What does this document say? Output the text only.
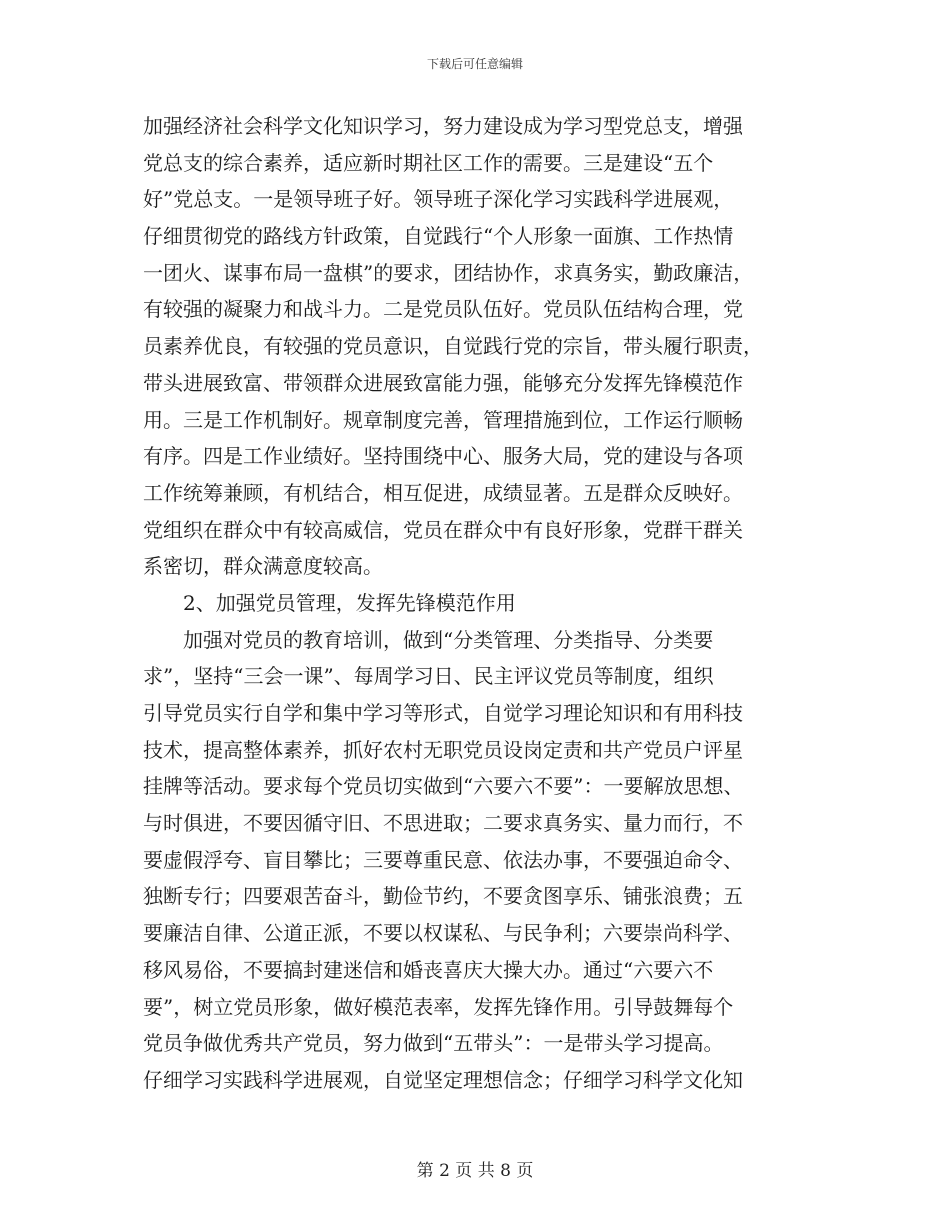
下载后可任意编辑
加强经济社会科学文化知识学习，努力建设成为学习型党总支，增强
党总支的综合素养，适应新时期社区工作的需要。三是建设“五个
好”党总支。一是领导班子好。领导班子深化学习实践科学进展观，
仔细贯彻党的路线方针政策，自觉践行“个人形象一面旗、工作热情
一团火、谋事布局一盘棋”的要求，团结协作，求真务实，勤政廉洁，
有较强的凝聚力和战斗力。二是党员队伍好。党员队伍结构合理，党
员素养优良，有较强的党员意识，自觉践行党的宗旨，带头履行职责，
带头进展致富、带领群众进展致富能力强，能够充分发挥先锋模范作
用。三是工作机制好。规章制度完善，管理措施到位，工作运行顺畅
有序。四是工作业绩好。坚持围绕中心、服务大局，党的建设与各项
工作统筹兼顾，有机结合，相互促进，成绩显著。五是群众反映好。
党组织在群众中有较高威信，党员在群众中有良好形象，党群干群关
系密切，群众满意度较高。
2、加强党员管理，发挥先锋模范作用
加强对党员的教育培训，做到“分类管理、分类指导、分类要
求”，坚持“三会一课”、每周学习日、民主评议党员等制度，组织
引导党员实行自学和集中学习等形式，自觉学习理论知识和有用科技
技术，提高整体素养，抓好农村无职党员设岗定责和共产党员户评星
挂牌等活动。要求每个党员切实做到“六要六不要”：一要解放思想、
与时俱进，不要因循守旧、不思进取；二要求真务实、量力而行，不
要虚假浮夸、盲目攀比；三要尊重民意、依法办事，不要强迫命令、
独断专行；四要艰苦奋斗，勤俭节约，不要贪图享乐、铺张浪费；五
要廉洁自律、公道正派，不要以权谋私、与民争利；六要崇尚科学、
移风易俗，不要搞封建迷信和婚丧喜庆大操大办。通过“六要六不
要”，树立党员形象，做好模范表率，发挥先锋作用。引导鼓舞每个
党员争做优秀共产党员，努力做到“五带头”：一是带头学习提高。
仔细学习实践科学进展观，自觉坚定理想信念；仔细学习科学文化知
第 2 页 共 8 页
